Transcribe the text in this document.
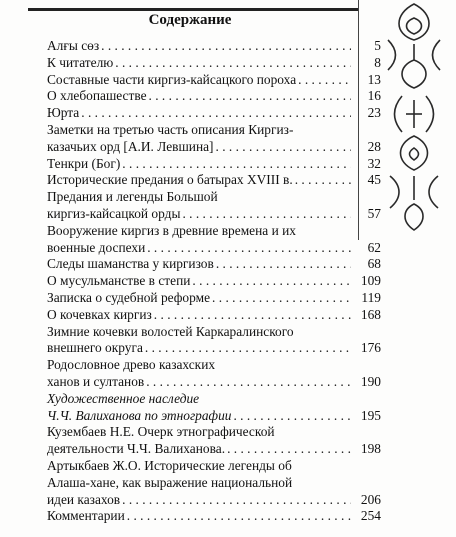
Содержание
Алғы сөз . . .	5
К читателю . . .	8
Составные части киргиз-кайсацкого пороха . . .	13
О хлебопашестве . . .	16
Юрта . . .	23
Заметки на третью часть описания Киргиз-
казачьих орд [А.И. Левшина] . . .	28
Тенкри (Бог) . . .	32
Исторические предания о батырах XVIII в. . . .	45
Предания и легенды Большой
киргиз-кайсацкой орды . . .	57
Вооружение киргиз в древние времена и их
военные доспехи . . .	62
Следы шаманства у киргизов . . .	68
О мусульманстве в степи . . .	109
Записка о судебной реформе . . .	119
О кочевках киргиз . . .	168
Зимние кочевки волостей Каркаралинского
внешнего округа . . .	176
Родословное древо казахских
ханов и султанов . . .	190
Художественное наследие
Ч.Ч. Валиханова по этнографии . . .	195
Кузембаев Н.Е. Очерк этнографической
деятельности Ч.Ч. Валиханова. . . .	198
Артыкбаев Ж.О. Исторические легенды об
Алаша-хане, как выражение национальной
идеи казахов . . .	206
Комментарии . . .	254
